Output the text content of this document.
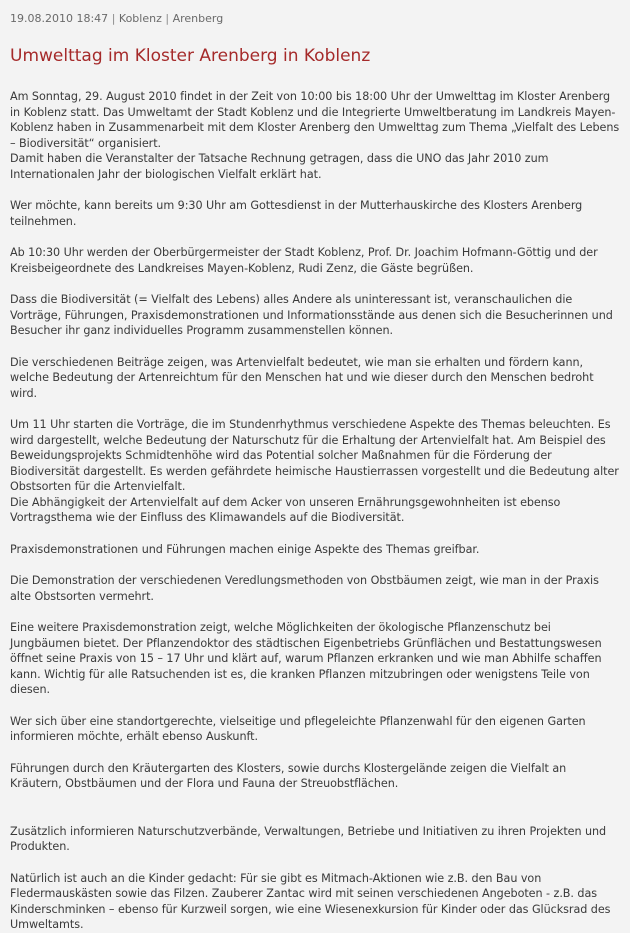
19.08.2010 18:47 | Koblenz | Arenberg
Umwelttag im Kloster Arenberg in Koblenz

Am Sonntag, 29. August 2010 findet in der Zeit von 10:00 bis 18:00 Uhr der Umwelttag im Kloster Arenberg in Koblenz statt. Das Umweltamt der Stadt Koblenz und die Integrierte Umweltberatung im Landkreis Mayen-Koblenz haben in Zusammenarbeit mit dem Kloster Arenberg den Umwelttag zum Thema „Vielfalt des Lebens – Biodiversität“ organisiert.
Damit haben die Veranstalter der Tatsache Rechnung getragen, dass die UNO das Jahr 2010 zum Internationalen Jahr der biologischen Vielfalt erklärt hat.

Wer möchte, kann bereits um 9:30 Uhr am Gottesdienst in der Mutterhauskirche des Klosters Arenberg teilnehmen.

Ab 10:30 Uhr werden der Oberbürgermeister der Stadt Koblenz, Prof. Dr. Joachim Hofmann-Göttig und der Kreisbeigeordnete des Landkreises Mayen-Koblenz, Rudi Zenz, die Gäste begrüßen.

Dass die Biodiversität (= Vielfalt des Lebens) alles Andere als uninteressant ist, veranschaulichen die Vorträge, Führungen, Praxisdemonstrationen und Informationsstände aus denen sich die Besucherinnen und Besucher ihr ganz individuelles Programm zusammenstellen können.

Die verschiedenen Beiträge zeigen, was Artenvielfalt bedeutet, wie man sie erhalten und fördern kann, welche Bedeutung der Artenreichtum für den Menschen hat und wie dieser durch den Menschen bedroht wird.

Um 11 Uhr starten die Vorträge, die im Stundenrhythmus verschiedene Aspekte des Themas beleuchten. Es wird dargestellt, welche Bedeutung der Naturschutz für die Erhaltung der Artenvielfalt hat. Am Beispiel des Beweidungsprojekts Schmidtenhöhe wird das Potential solcher Maßnahmen für die Förderung der Biodiversität dargestellt. Es werden gefährdete heimische Haustierrassen vorgestellt und die Bedeutung alter Obstsorten für die Artenvielfalt.
Die Abhängigkeit der Artenvielfalt auf dem Acker von unseren Ernährungsgewohnheiten ist ebenso Vortragsthema wie der Einfluss des Klimawandels auf die Biodiversität.

Praxisdemonstrationen und Führungen machen einige Aspekte des Themas greifbar.

Die Demonstration der verschiedenen Veredlungsmethoden von Obstbäumen zeigt, wie man in der Praxis alte Obstsorten vermehrt.

Eine weitere Praxisdemonstration zeigt, welche Möglichkeiten der ökologische Pflanzenschutz bei Jungbäumen bietet. Der Pflanzendoktor des städtischen Eigenbetriebs Grünflächen und Bestattungswesen öffnet seine Praxis von 15 – 17 Uhr und klärt auf, warum Pflanzen erkranken und wie man Abhilfe schaffen kann. Wichtig für alle Ratsuchenden ist es, die kranken Pflanzen mitzubringen oder wenigstens Teile von diesen.

Wer sich über eine standortgerechte, vielseitige und pflegeleichte Pflanzenwahl für den eigenen Garten informieren möchte, erhält ebenso Auskunft.

Führungen durch den Kräutergarten des Klosters, sowie durchs Klostergelände zeigen die Vielfalt an Kräutern, Obstbäumen und der Flora und Fauna der Streuobstflächen.

Zusätzlich informieren Naturschutzverbände, Verwaltungen, Betriebe und Initiativen zu ihren Projekten und Produkten.

Natürlich ist auch an die Kinder gedacht: Für sie gibt es Mitmach-Aktionen wie z.B. den Bau von Fledermauskästen sowie das Filzen. Zauberer Zantac wird mit seinen verschiedenen Angeboten - z.B. das Kinderschminken – ebenso für Kurzweil sorgen, wie eine Wiesenexkursion für Kinder oder das Glücksrad des Umweltamts.
